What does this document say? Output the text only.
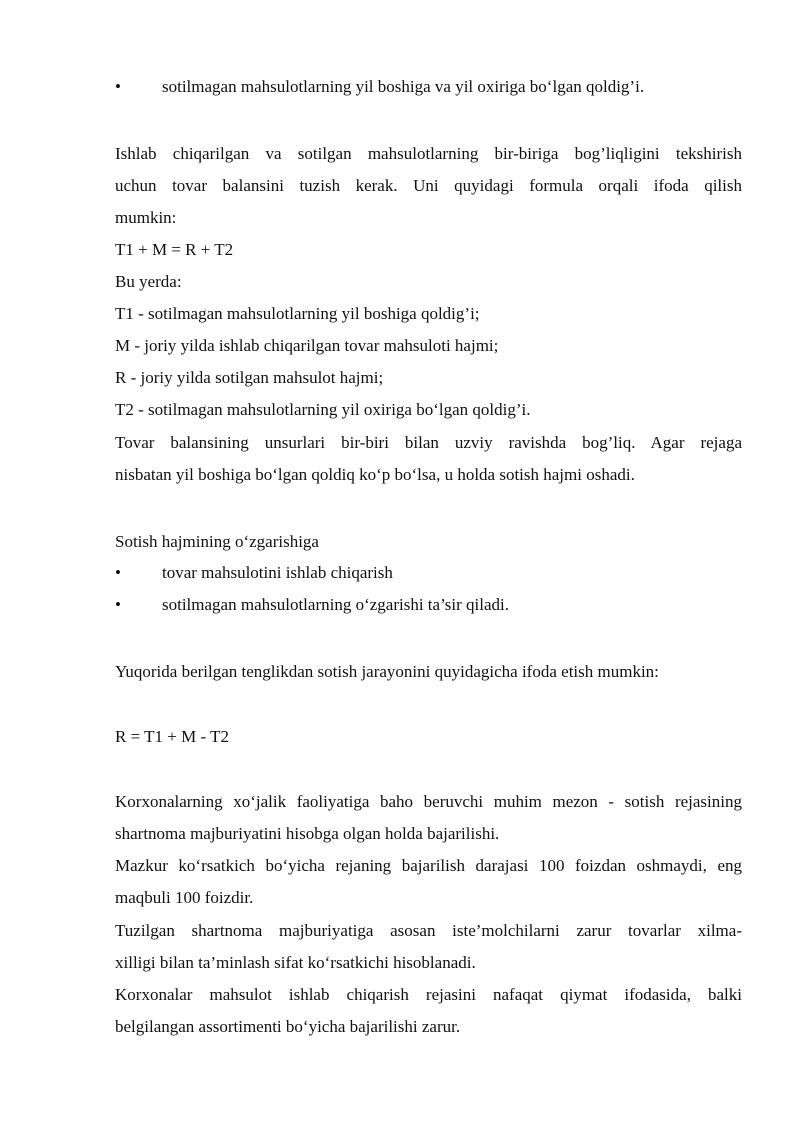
• sotilmagan mahsulotlarning yil boshiga va yil oxiriga bo‘lgan qoldig’i.
Ishlab chiqarilgan va sotilgan mahsulotlarning bir-biriga bog’liqligini tekshirish
uchun tovar balansini tuzish kerak. Uni quyidagi formula orqali ifoda qilish
mumkin:
T1 + M = R + T2
Bu yerda:
T1 - sotilmagan mahsulotlarning yil boshiga qoldig’i;
M - joriy yilda ishlab chiqarilgan tovar mahsuloti hajmi;
R - joriy yilda sotilgan mahsulot hajmi;
T2 - sotilmagan mahsulotlarning yil oxiriga bo‘lgan qoldig’i.
Tovar balansining unsurlari bir-biri bilan uzviy ravishda bog’liq. Agar rejaga
nisbatan yil boshiga bo‘lgan qoldiq ko‘p bo‘lsa, u holda sotish hajmi oshadi.
Sotish hajmining o‘zgarishiga
• tovar mahsulotini ishlab chiqarish
• sotilmagan mahsulotlarning o‘zgarishi ta’sir qiladi.
Yuqorida berilgan tenglikdan sotish jarayonini quyidagicha ifoda etish mumkin:
R = T1 + M - T2
Korxonalarning xo‘jalik faoliyatiga baho beruvchi muhim mezon - sotish rejasining
shartnoma majburiyatini hisobga olgan holda bajarilishi.
Mazkur ko‘rsatkich bo‘yicha rejaning bajarilish darajasi 100 foizdan oshmaydi, eng
maqbuli 100 foizdir.
Tuzilgan shartnoma majburiyatiga asosan iste’molchilarni zarur tovarlar xilma-
xilligi bilan ta’minlash sifat ko‘rsatkichi hisoblanadi.
Korxonalar mahsulot ishlab chiqarish rejasini nafaqat qiymat ifodasida, balki
belgilangan assortimenti bo‘yicha bajarilishi zarur.
